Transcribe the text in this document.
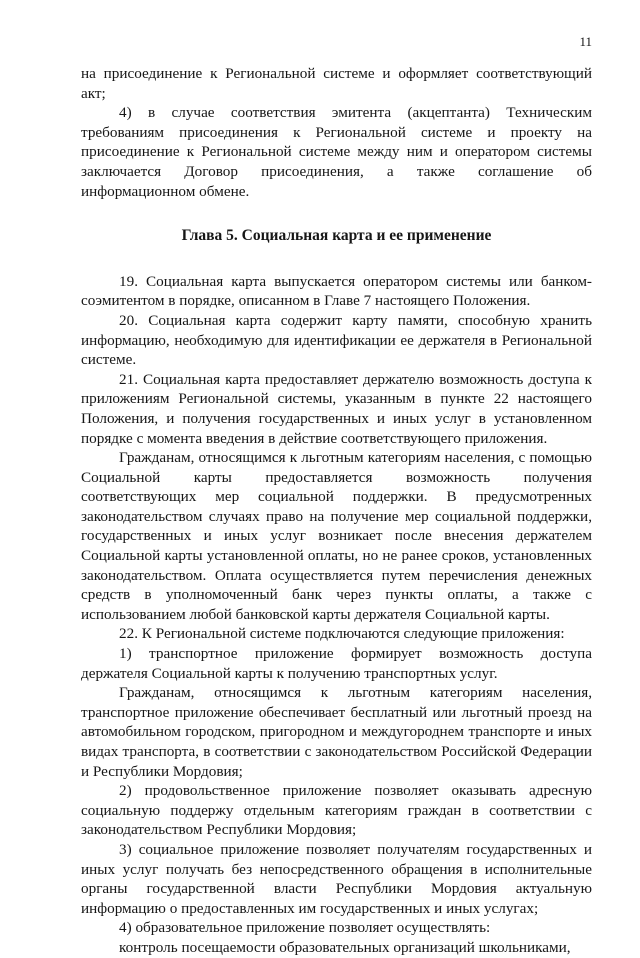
11

на присоединение к Региональной системе и оформляет соответствующий акт;

4) в случае соответствия эмитента (акцептанта) Техническим требованиям присоединения к Региональной системе и проекту на присоединение к Региональной системе между ним и оператором системы заключается Договор присоединения, а также соглашение об информационном обмене.

Глава 5. Социальная карта и ее применение

19. Социальная карта выпускается оператором системы или банком-соэмитентом в порядке, описанном в Главе 7 настоящего Положения.

20. Социальная карта содержит карту памяти, способную хранить информацию, необходимую для идентификации ее держателя в Региональной системе.

21. Социальная карта предоставляет держателю возможность доступа к приложениям Региональной системы, указанным в пункте 22 настоящего Положения, и получения государственных и иных услуг в установленном порядке с момента введения в действие соответствующего приложения.

Гражданам, относящимся к льготным категориям населения, с помощью Социальной карты предоставляется возможность получения соответствующих мер социальной поддержки. В предусмотренных законодательством случаях право на получение мер социальной поддержки, государственных и иных услуг возникает после внесения держателем Социальной карты установленной оплаты, но не ранее сроков, установленных законодательством. Оплата осуществляется путем перечисления денежных средств в уполномоченный банк через пункты оплаты, а также с использованием любой банковской карты держателя Социальной карты.

22. К Региональной системе подключаются следующие приложения:

1) транспортное приложение формирует возможность доступа держателя Социальной карты к получению транспортных услуг.

Гражданам, относящимся к льготным категориям населения, транспортное приложение обеспечивает бесплатный или льготный проезд на автомобильном городском, пригородном и междугороднем транспорте и иных видах транспорта, в соответствии с законодательством Российской Федерации и Республики Мордовия;

2) продовольственное приложение позволяет оказывать адресную социальную поддержу отдельным категориям граждан в соответствии с законодательством Республики Мордовия;

3) социальное приложение позволяет получателям государственных и иных услуг получать без непосредственного обращения в исполнительные органы государственной власти Республики Мордовия актуальную информацию о предоставленных им государственных и иных услугах;

4) образовательное приложение позволяет осуществлять:

контроль посещаемости образовательных организаций школьниками,
